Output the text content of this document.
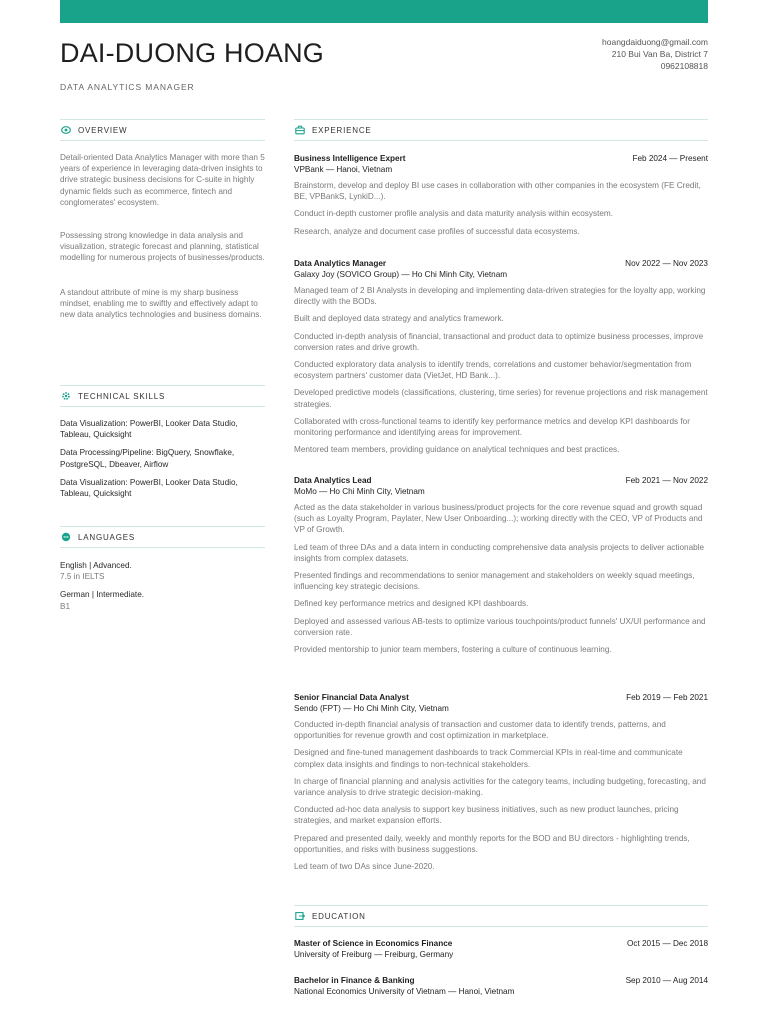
DAI-DUONG HOANG
DATA ANALYTICS MANAGER
hoangdaiduong@gmail.com
210 Bui Van Ba, District 7
0962108818
OVERVIEW

Detail-oriented Data Analytics Manager with more than 5 years of experience in leveraging data-driven insights to drive strategic business decisions for C-suite in highly dynamic fields such as ecommerce, fintech and conglomerates' ecosystem.

Possessing strong knowledge in data analysis and visualization, strategic forecast and planning, statistical modelling for numerous projects of businesses/products.

A standout attribute of mine is my sharp business mindset, enabling me to swiftly and effectively adapt to new data analytics technologies and business domains.

TECHNICAL SKILLS

Data Visualization: PowerBI, Looker Data Studio, Tableau, Quicksight

Data Processing/Pipeline: BigQuery, Snowflake, PostgreSQL, Dbeaver, Airflow

Data Visualization: PowerBI, Looker Data Studio, Tableau, Quicksight

LANGUAGES

English | Advanced.

7.5 in IELTS

German | Intermediate.

B1

EXPERIENCE
Business Intelligence Expert	Feb 2024 — Present
VPBank — Hanoi, Vietnam

Brainstorm, develop and deploy BI use cases in collaboration with other companies in the ecosystem (FE Credit, BE, VPBankS, LynkiD...).

Conduct in-depth customer profile analysis and data maturity analysis within ecosystem.

Research, analyze and document case profiles of successful data ecosystems.

Data Analytics Manager	Nov 2022 — Nov 2023
Galaxy Joy (SOVICO Group) — Ho Chi Minh City, Vietnam

Managed team of 2 BI Analysts in developing and implementing data-driven strategies for the loyalty app, working directly with the BODs.

Built and deployed data strategy and analytics framework.

Conducted in-depth analysis of financial, transactional and product data to optimize business processes, improve conversion rates and drive growth.

Conducted exploratory data analysis to identify trends, correlations and customer behavior/segmentation from ecosystem partners' customer data (VietJet, HD Bank...).

Developed predictive models (classifications, clustering, time series) for revenue projections and risk management strategies.

Collaborated with cross-functional teams to identify key performance metrics and develop KPI dashboards for monitoring performance and identifying areas for improvement.

Mentored team members, providing guidance on analytical techniques and best practices.

Data Analytics Lead	Feb 2021 — Nov 2022
MoMo — Ho Chi Minh City, Vietnam

Acted as the data stakeholder in various business/product projects for the core revenue squad and growth squad (such as Loyalty Program, Paylater, New User Onboarding...); working directly with the CEO, VP of Products and VP of Growth.

Led team of three DAs and a data intern in conducting comprehensive data analysis projects to deliver actionable insights from complex datasets.

Presented findings and recommendations to senior management and stakeholders on weekly squad meetings, influencing key strategic decisions.

Defined key performance metrics and designed KPI dashboards.

Deployed and assessed various AB-tests to optimize various touchpoints/product funnels' UX/UI performance and conversion rate.

Provided mentorship to junior team members, fostering a culture of continuous learning.

Senior Financial Data Analyst	Feb 2019 — Feb 2021
Sendo (FPT) — Ho Chi Minh City, Vietnam

Conducted in-depth financial analysis of transaction and customer data to identify trends, patterns, and opportunities for revenue growth and cost optimization in marketplace.

Designed and fine-tuned management dashboards to track Commercial KPIs in real-time and communicate complex data insights and findings to non-technical stakeholders.

In charge of financial planning and analysis activities for the category teams, including budgeting, forecasting, and variance analysis to drive strategic decision-making.

Conducted ad-hoc data analysis to support key business initiatives, such as new product launches, pricing strategies, and market expansion efforts.

Prepared and presented daily, weekly and monthly reports for the BOD and BU directors - highlighting trends, opportunities, and risks with business suggestions.

Led team of two DAs since June-2020.

EDUCATION
Master of Science in Economics Finance	Oct 2015 — Dec 2018
University of Freiburg — Freiburg, Germany
Bachelor in Finance & Banking	Sep 2010 — Aug 2014
National Economics University of Vietnam — Hanoi, Vietnam
